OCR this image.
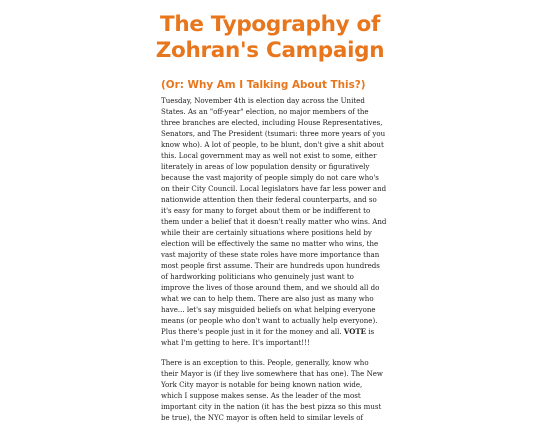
The Typography of
Zohran's Campaign
(Or: Why Am I Talking About This?)

Tuesday, November 4th is election day across the United
States. As an "off-year" election, no major members of the
three branches are elected, including House Representatives,
Senators, and The President (tsumari: three more years of you
know who). A lot of people, to be blunt, don't give a shit about
this. Local government may as well not exist to some, either
literately in areas of low population density or figuratively
because the vast majority of people simply do not care who's
on their City Council. Local legislators have far less power and
nationwide attention then their federal counterparts, and so
it's easy for many to forget about them or be indifferent to
them under a belief that it doesn't really matter who wins. And
while their are certainly situations where positions held by
election will be effectively the same no matter who wins, the
vast majority of these state roles have more importance than
most people first assume. Their are hundreds upon hundreds
of hardworking politicians who genuinely just want to
improve the lives of those around them, and we should all do
what we can to help them. There are also just as many who
have... let's say misguided beliefs on what helping everyone
means (or people who don't want to actually help everyone).
Plus there's people just in it for the money and all. VOTE is
what I'm getting to here. It's important!!!

There is an exception to this. People, generally, know who
their Mayor is (if they live somewhere that has one). The New
York City mayor is notable for being known nation wide,
which I suppose makes sense. As the leader of the most
important city in the nation (it has the best pizza so this must
be true), the NYC mayor is often held to similar levels of
